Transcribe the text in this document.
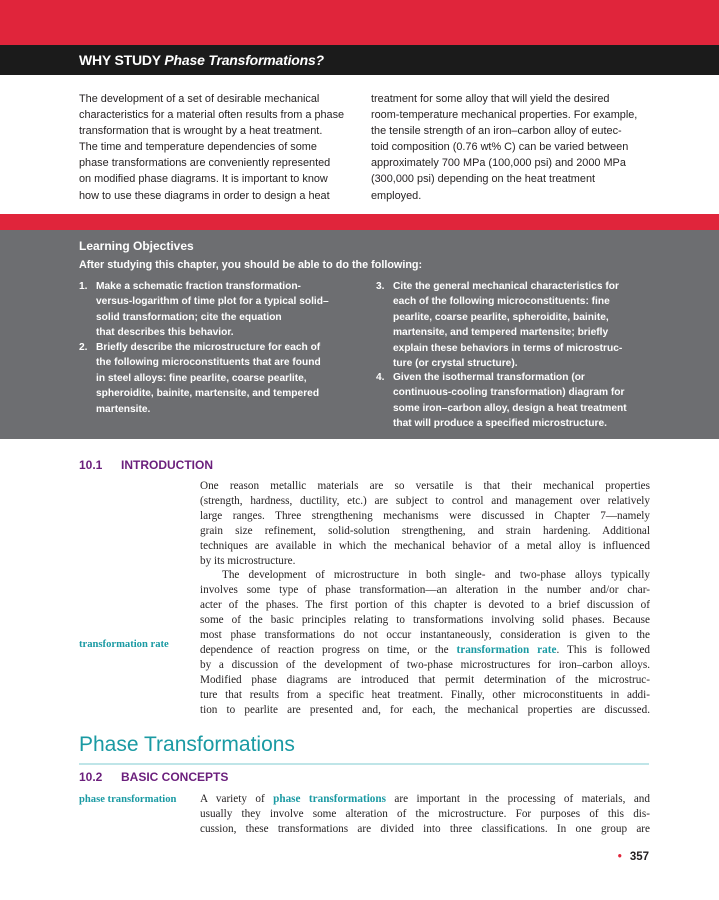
WHY STUDY Phase Transformations?
The development of a set of desirable mechanical
characteristics for a material often results from a phase
transformation that is wrought by a heat treatment.
The time and temperature dependencies of some
phase transformations are conveniently represented
on modified phase diagrams. It is important to know
how to use these diagrams in order to design a heat
treatment for some alloy that will yield the desired
room-temperature mechanical properties. For example,
the tensile strength of an iron–carbon alloy of eutec-
toid composition (0.76 wt% C) can be varied between
approximately 700 MPa (100,000 psi) and 2000 MPa
(300,000 psi) depending on the heat treatment
employed.
Learning Objectives
After studying this chapter, you should be able to do the following:
1. Make a schematic fraction transformation-
versus-logarithm of time plot for a typical solid–
solid transformation; cite the equation
that describes this behavior.
2. Briefly describe the microstructure for each of
the following microconstituents that are found
in steel alloys: fine pearlite, coarse pearlite,
spheroidite, bainite, martensite, and tempered
martensite.
3. Cite the general mechanical characteristics for
each of the following microconstituents: fine
pearlite, coarse pearlite, spheroidite, bainite,
martensite, and tempered martensite; briefly
explain these behaviors in terms of microstruc-
ture (or crystal structure).
4. Given the isothermal transformation (or
continuous-cooling transformation) diagram for
some iron–carbon alloy, design a heat treatment
that will produce a specified microstructure.
10.1 INTRODUCTION
One reason metallic materials are so versatile is that their mechanical properties
(strength, hardness, ductility, etc.) are subject to control and management over relatively
large ranges. Three strengthening mechanisms were discussed in Chapter 7—namely
grain size refinement, solid-solution strengthening, and strain hardening. Additional
techniques are available in which the mechanical behavior of a metal alloy is influenced
by its microstructure.
The development of microstructure in both single- and two-phase alloys typically
involves some type of phase transformation—an alteration in the number and/or char-
acter of the phases. The first portion of this chapter is devoted to a brief discussion of
some of the basic principles relating to transformations involving solid phases. Because
most phase transformations do not occur instantaneously, consideration is given to the
dependence of reaction progress on time, or the transformation rate. This is followed
by a discussion of the development of two-phase microstructures for iron–carbon alloys.
Modified phase diagrams are introduced that permit determination of the microstruc-
ture that results from a specific heat treatment. Finally, other microconstituents in addi-
tion to pearlite are presented and, for each, the mechanical properties are discussed.
transformation rate
Phase Transformations
10.2 BASIC CONCEPTS
phase transformation A variety of phase transformations are important in the processing of materials, and
usually they involve some alteration of the microstructure. For purposes of this dis-
cussion, these transformations are divided into three classifications. In one group are
• 357
